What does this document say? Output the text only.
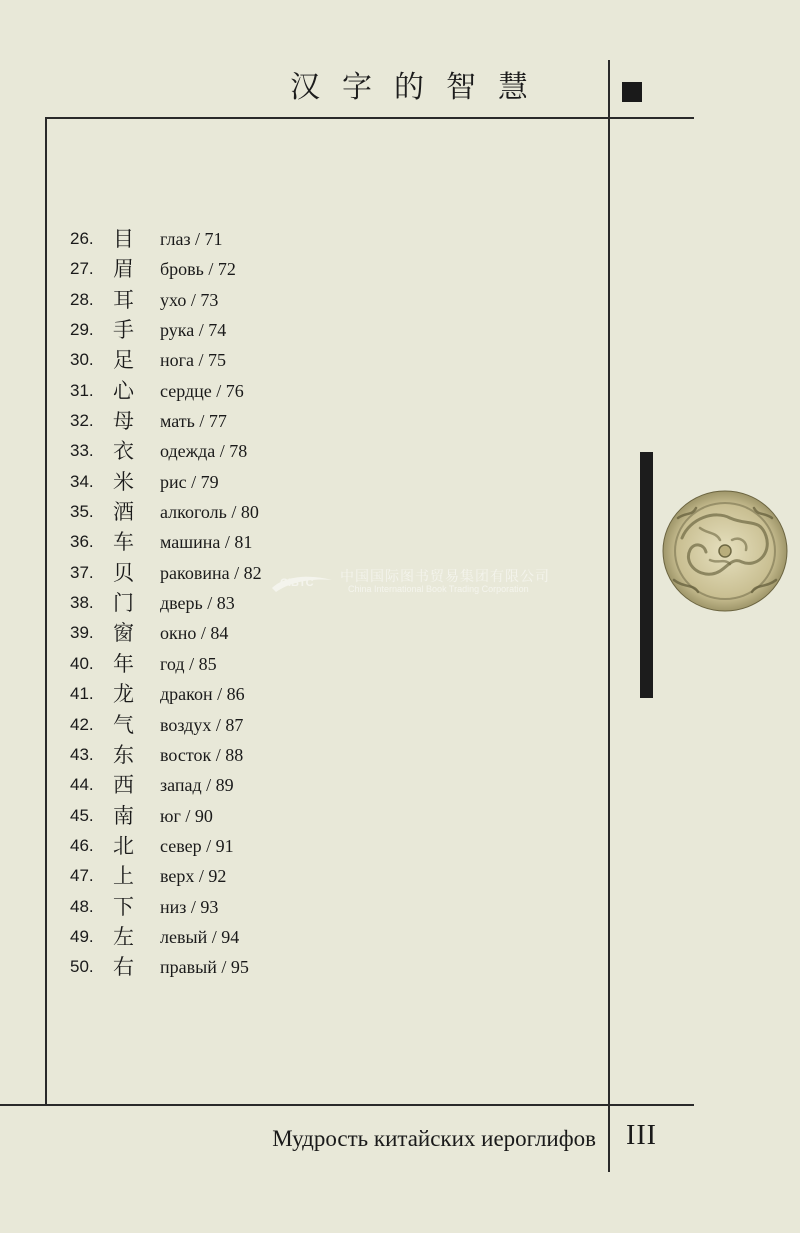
汉字的智慧
26. 目	глаз / 71
27. 眉	бровь / 72
28. 耳	ухо / 73
29. 手	рука / 74
30. 足	нога / 75
31. 心	сердце / 76
32. 母	мать / 77
33. 衣	одежда / 78
34. 米	рис / 79
35. 酒	алкоголь / 80
36. 车	машина / 81
37. 贝	раковина / 82
38. 门	дверь / 83
39. 窗	окно / 84
40. 年	год / 85
41. 龙	дракон / 86
42. 气	воздух / 87
43. 东	восток / 88
44. 西	запад / 89
45. 南	юг / 90
46. 北	север / 91
47. 上	верх / 92
48. 下	низ / 93
49. 左	левый / 94
50. 右	правый / 95
CIBTC 中国国际图书贸易集团有限公司
China International Book Trading Corporation
Мудрость китайских иероглифов III
